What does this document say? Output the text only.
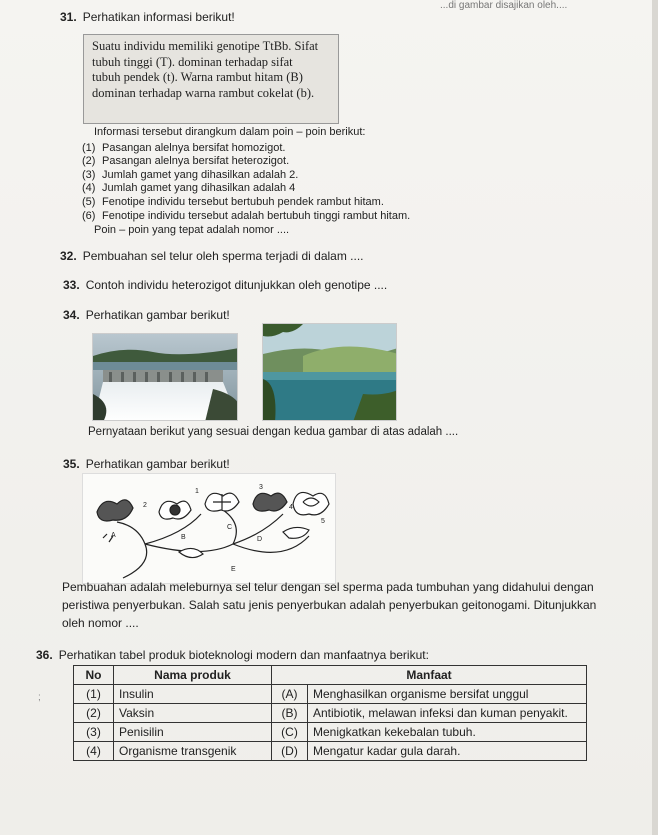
...di gambar disajikan oleh....
31. Perhatikan informasi berikut!
Suatu individu memiliki genotipe TtBb. Sifat
tubuh tinggi (T). dominan terhadap sifat
tubuh pendek (t). Warna rambut hitam (B)
dominan terhadap warna rambut cokelat (b).
Informasi tersebut dirangkum dalam poin – poin berikut:
(1) Pasangan alelnya bersifat homozigot.
(2) Pasangan alelnya bersifat heterozigot.
(3) Jumlah gamet yang dihasilkan adalah 2.
(4) Jumlah gamet yang dihasilkan adalah 4
(5) Fenotipe individu tersebut bertubuh pendek rambut hitam.
(6) Fenotipe individu tersebut adalah bertubuh tinggi rambut hitam.
Poin – poin yang tepat adalah nomor ....
32. Pembuahan sel telur oleh sperma terjadi di dalam ....
33. Contoh individu heterozigot ditunjukkan oleh genotipe ....
34. Perhatikan gambar berikut!
Pernyataan berikut yang sesuai dengan kedua gambar di atas adalah ....
35. Perhatikan gambar berikut!
1
2
3
4
5
A	B
C
D
E
Pembuahan adalah meleburnya sel telur dengan sel sperma pada tumbuhan yang didahului dengan
peristiwa penyerbukan. Salah satu jenis penyerbukan adalah penyerbukan geitonogami. Ditunjukkan
oleh nomor ....
36. Perhatikan tabel produk bioteknologi modern dan manfaatnya berikut:
;
No	Nama produk	Manfaat	
(1)	Insulin	(A)	Menghasilkan organisme bersifat unggul
(2)	Vaksin	(B)	Antibiotik, melawan infeksi dan kuman penyakit.
(3)	Penisilin	(C)	Menigkatkan kekebalan tubuh.
(4)	Organisme transgenik	(D)	Mengatur kadar gula darah.
